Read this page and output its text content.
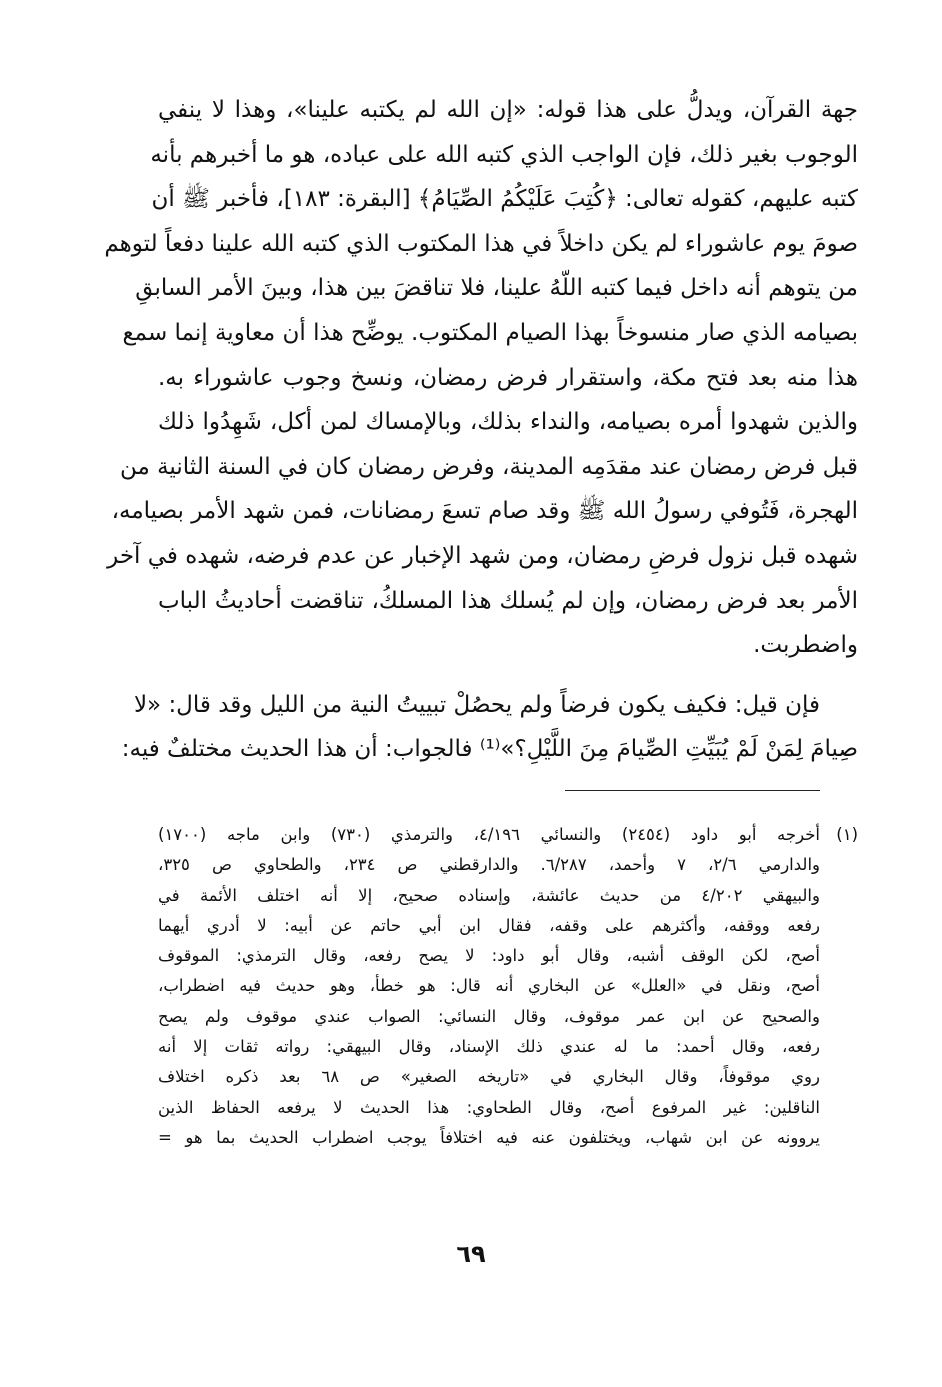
جهة القرآن، ويدلُّ على هذا قوله: «إن الله لم يكتبه علينا»، وهذا لا ينفي
الوجوب بغير ذلك، فإن الواجب الذي كتبه الله على عباده، هو ما أخبرهم بأنه
كتبه عليهم، كقوله تعالى: ﴿كُتِبَ عَلَيْكُمُ الصِّيَامُ﴾ [البقرة: ١٨٣]، فأخبر ﷺ أن
صومَ يوم عاشوراء لم يكن داخلاً في هذا المكتوب الذي كتبه الله علينا دفعاً لتوهم
من يتوهم أنه داخل فيما كتبه اللّهُ علينا، فلا تناقضَ بين هذا، وبينَ الأمر السابقِ
بصيامه الذي صار منسوخاً بهذا الصيام المكتوب. يوضِّح هذا أن معاوية إنما سمع
هذا منه بعد فتح مكة، واستقرار فرض رمضان، ونسخ وجوب عاشوراء به.
والذين شهدوا أمره بصيامه، والنداء بذلك، وبالإمساك لمن أكل، شَهِدُوا ذلك
قبل فرض رمضان عند مقدَمِه المدينة، وفرض رمضان كان في السنة الثانية من
الهجرة، فَتُوفي رسولُ الله ﷺ وقد صام تسعَ رمضانات، فمن شهد الأمر بصيامه،
شهده قبل نزول فرضِ رمضان، ومن شهد الإخبار عن عدم فرضه، شهده في آخر
الأمر بعد فرض رمضان، وإن لم يُسلك هذا المسلكُ، تناقضت أحاديثُ الباب
واضطربت.
فإن قيل: فكيف يكون فرضاً ولم يحصُلْ تبييتُ النية من الليل وقد قال: «لا
صِيامَ لِمَنْ لَمْ يُبَيِّتِ الصِّيامَ مِنَ اللَّيْلِ؟»⁽¹⁾ فالجواب: أن هذا الحديث مختلفٌ فيه:
(١)
أخرجه أبو داود (٢٤٥٤) والنسائي ٤/١٩٦، والترمذي (٧٣٠) وابن ماجه (١٧٠٠)
والدارمي ٢/٦، ٧ وأحمد، ٦/٢٨٧. والدارقطني ص ٢٣٤، والطحاوي ص ٣٢٥،
والبيهقي ٤/٢٠٢ من حديث عائشة، وإسناده صحيح، إلا أنه اختلف الأئمة في
رفعه ووقفه، وأكثرهم على وقفه، فقال ابن أبي حاتم عن أبيه: لا أدري أيهما
أصح، لكن الوقف أشبه، وقال أبو داود: لا يصح رفعه، وقال الترمذي: الموقوف
أصح، ونقل في «العلل» عن البخاري أنه قال: هو خطأ، وهو حديث فيه اضطراب،
والصحيح عن ابن عمر موقوف، وقال النسائي: الصواب عندي موقوف ولم يصح
رفعه، وقال أحمد: ما له عندي ذلك الإسناد، وقال البيهقي: رواته ثقات إلا أنه
روي موقوفاً، وقال البخاري في «تاريخه الصغير» ص ٦٨ بعد ذكره اختلاف
الناقلين: غير المرفوع أصح، وقال الطحاوي: هذا الحديث لا يرفعه الحفاظ الذين
يروونه عن ابن شهاب، ويختلفون عنه فيه اختلافاً يوجب اضطراب الحديث بما هو =
٦٩
